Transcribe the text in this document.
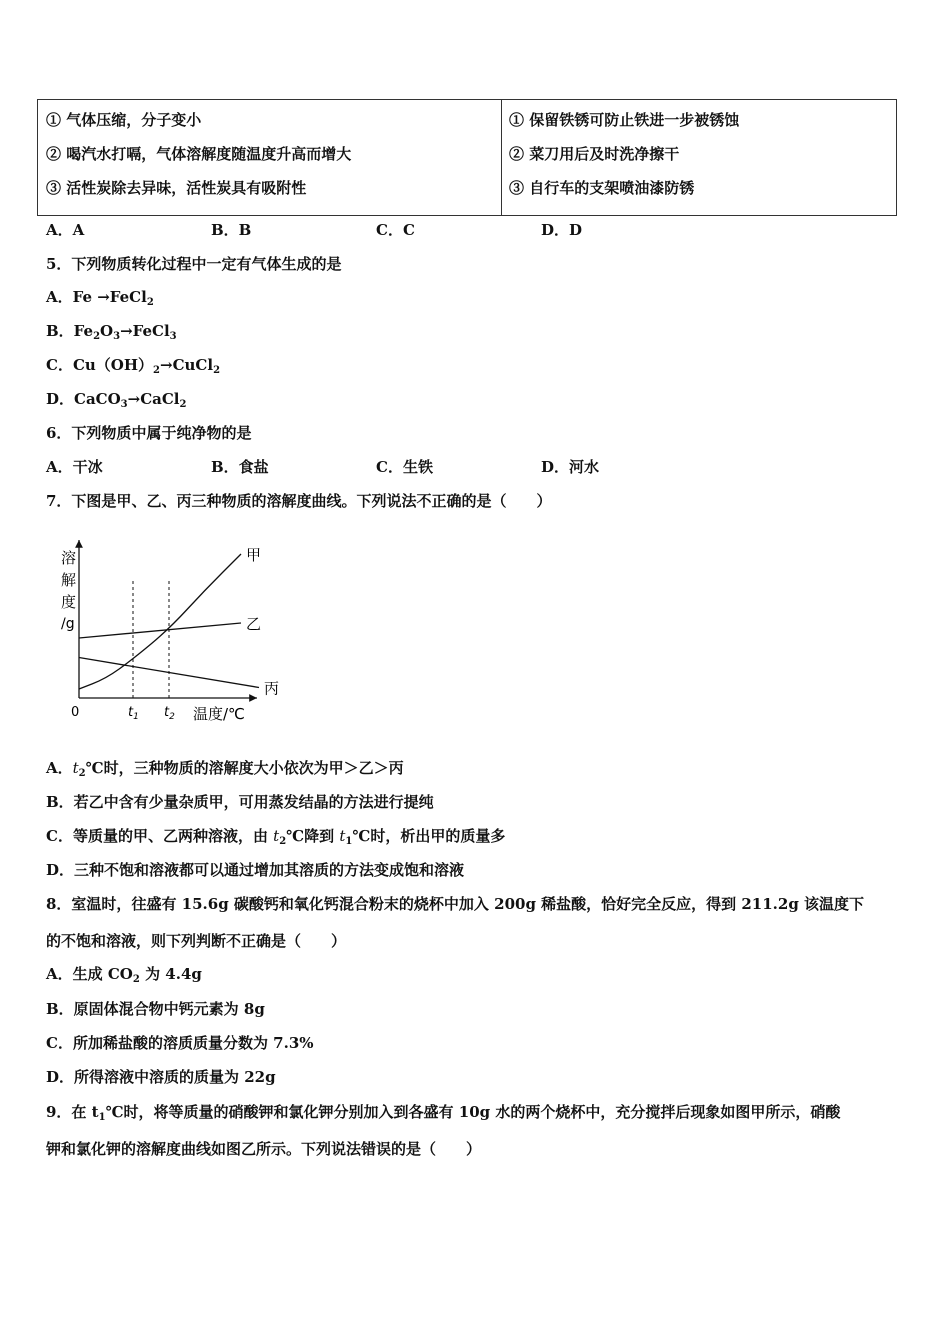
① 气体压缩，分子变小
② 喝汽水打嗝，气体溶解度随温度升高而增大
③ 活性炭除去异味，活性炭具有吸附性
① 保留铁锈可防止铁进一步被锈蚀
② 菜刀用后及时洗净擦干
③ 自行车的支架喷油漆防锈
A．A	B．B	C．C	D．D
5．下列物质转化过程中一定有气体生成的是
A．Fe →FeCl$_2$
B．$Fe_2O_3\to FeCl_3$
C．$Cu(OH)_2\to CuCl_2$
D．CaCO$_3$→CaCl$_2$
6．下列物质中属于纯净物的是
A．干冰	B．食盐	C．生铁	D．河水
7．下图是甲、乙、丙三种物质的溶解度曲线。下列说法不正确的是（　　）
溶
解
度
/g
0	温度/℃
$t_1$ $t_2$
甲
乙
丙
A．$t_2℃$时，三种物质的溶解度大小依次为甲＞乙＞丙
B．若乙中含有少量杂质甲，可用蒸发结晶的方法进行提纯
C．等质量的甲、乙两种溶液，由 $t_2℃$降到 $t_1℃$时，析出甲的质量多
D．三种不饱和溶液都可以通过增加其溶质的方法变成饱和溶液
8．室温时，往盛有 15.6g 碳酸钙和氧化钙混合粉末的烧杯中加入 200g 稀盐酸，恰好完全反应，得到 211.2g 该温度下
的不饱和溶液，则下列判断不正确是（　　）
A．生成 $CO_2$ 为 4.4g
B．原固体混合物中钙元素为 8g
C．所加稀盐酸的溶质质量分数为 7.3%
D．所得溶液中溶质的质量为 22g
9．在 $t_1℃$时，将等质量的硝酸钾和氯化钾分别加入到各盛有 10g 水的两个烧杯中，充分搅拌后现象如图甲所示，硝酸
钾和氯化钾的溶解度曲线如图乙所示。下列说法错误的是（　　）
